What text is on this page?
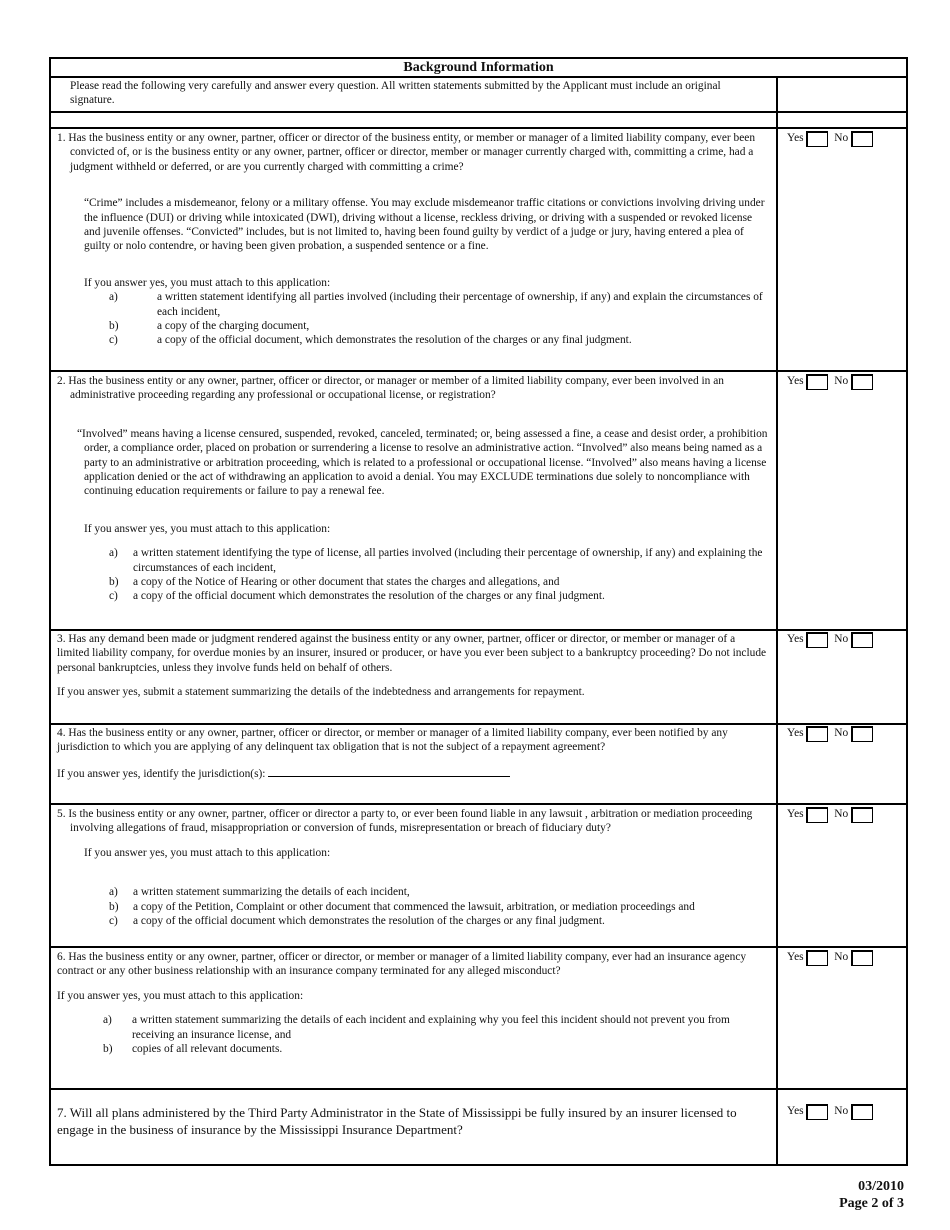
Background Information
Please read the following very carefully and answer every question. All written statements submitted by the Applicant must include an original signature.

1. Has the business entity or any owner, partner, officer or director of the business entity, or member or manager of a limited liability company, ever been convicted of, or is the business entity or any owner, partner, officer or director, member or manager currently charged with, committing a crime, had a judgment withheld or deferred, or are you currently charged with committing a crime?

“Crime” includes a misdemeanor, felony or a military offense. You may exclude misdemeanor traffic citations or convictions involving driving under the influence (DUI) or driving while intoxicated (DWI), driving without a license, reckless driving, or driving with a suspended or revoked license and juvenile offenses. “Convicted” includes, but is not limited to, having been found guilty by verdict of a judge or jury, having entered a plea of guilty or nolo contendre, or having been given probation, a suspended sentence or a fine.

If you answer yes, you must attach to this application:

a)	a written statement identifying all parties involved (including their percentage of ownership, if any) and explain the circumstances of each incident,
b)	a copy of the charging document,
c)	a copy of the official document, which demonstrates the resolution of the charges or any final judgment.
Yes	No

2. Has the business entity or any owner, partner, officer or director, or manager or member of a limited liability company, ever been involved in an administrative proceeding regarding any professional or occupational license, or registration?

“Involved” means having a license censured, suspended, revoked, canceled, terminated; or, being assessed a fine, a cease and desist order, a prohibition order, a compliance order, placed on probation or surrendering a license to resolve an administrative action. “Involved” also means being named as a party to an administrative or arbitration proceeding, which is related to a professional or occupational license. “Involved” also means having a license application denied or the act of withdrawing an application to avoid a denial. You may EXCLUDE terminations due solely to noncompliance with continuing education requirements or failure to pay a renewal fee.

If you answer yes, you must attach to this application:

a)	a written statement identifying the type of license, all parties involved (including their percentage of ownership, if any) and explaining the circumstances of each incident,
b)	a copy of the Notice of Hearing or other document that states the charges and allegations, and
c)	a copy of the official document which demonstrates the resolution of the charges or any final judgment.
Yes	No

3. Has any demand been made or judgment rendered against the business entity or any owner, partner, officer or director, or member or manager of a limited liability company, for overdue monies by an insurer, insured or producer, or have you ever been subject to a bankruptcy proceeding? Do not include personal bankruptcies, unless they involve funds held on behalf of others.

If you answer yes, submit a statement summarizing the details of the indebtedness and arrangements for repayment.

Yes	No

4. Has the business entity or any owner, partner, officer or director, or member or manager of a limited liability company, ever been notified by any jurisdiction to which you are applying of any delinquent tax obligation that is not the subject of a repayment agreement?

If you answer yes, identify the jurisdiction(s):

Yes	No

5. Is the business entity or any owner, partner, officer or director a party to, or ever been found liable in any lawsuit , arbitration or mediation proceeding involving allegations of fraud, misappropriation or conversion of funds, misrepresentation or breach of fiduciary duty?

If you answer yes, you must attach to this application:

a)	a written statement summarizing the details of each incident,
b)	a copy of the Petition, Complaint or other document that commenced the lawsuit, arbitration, or mediation proceedings and
c)	a copy of the official document which demonstrates the resolution of the charges or any final judgment.
Yes	No

6. Has the business entity or any owner, partner, officer or director, or member or manager of a limited liability company, ever had an insurance agency contract or any other business relationship with an insurance company terminated for any alleged misconduct?

If you answer yes, you must attach to this application:

a)	a written statement summarizing the details of each incident and explaining why you feel this incident should not prevent you from receiving an insurance license, and
b)	copies of all relevant documents.
Yes	No

7. Will all plans administered by the Third Party Administrator in the State of Mississippi be fully insured by an insurer licensed to engage in the business of insurance by the Mississippi Insurance Department?

Yes	No
03/2010
Page 2 of 3
